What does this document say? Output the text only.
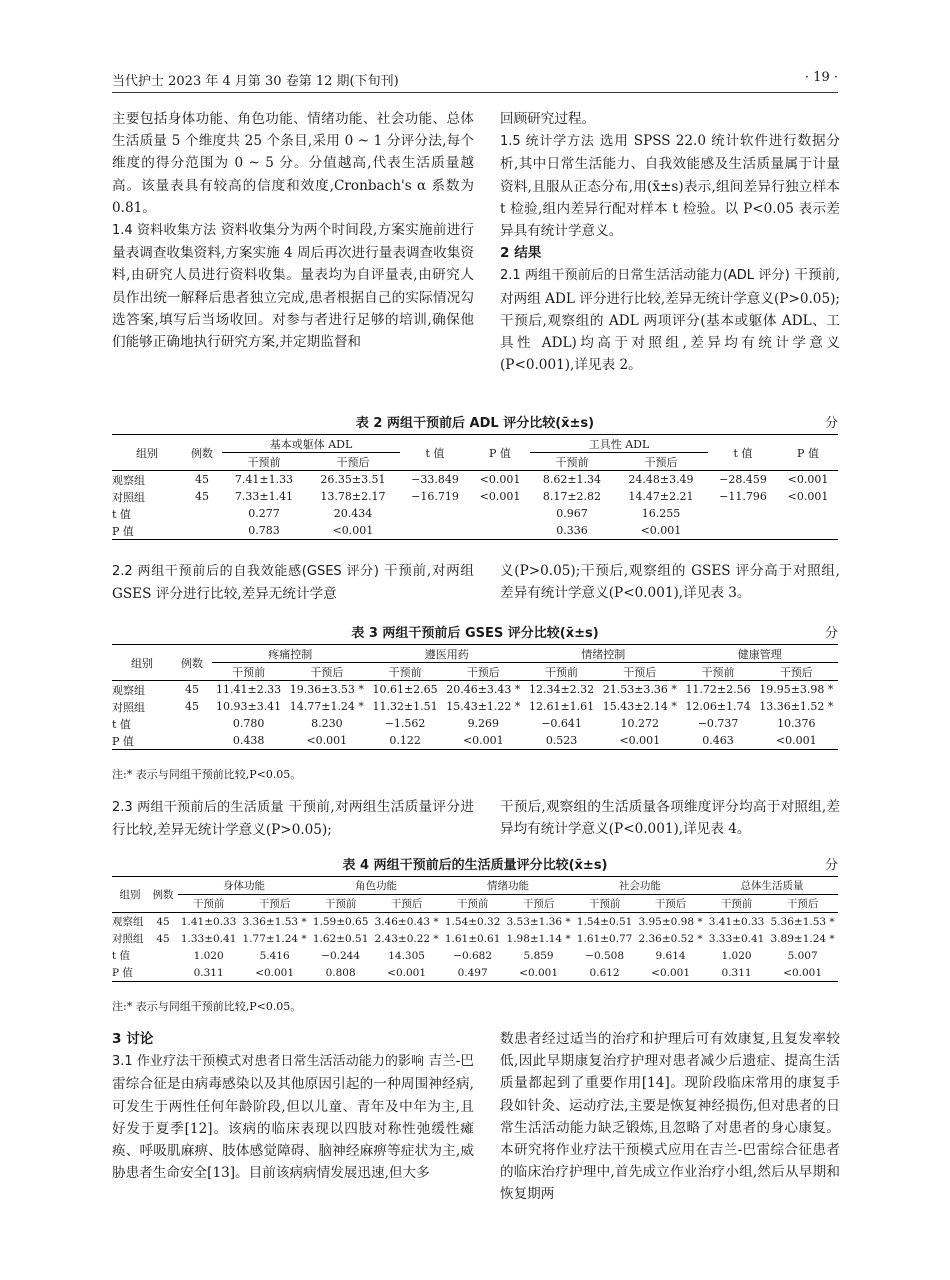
当代护士 2023 年 4 月第 30 卷第 12 期(下旬刊)	· 19 ·

主要包括身体功能、角色功能、情绪功能、社会功能、总体生活质量 5 个维度共 25 个条目,采用 0 ~ 1 分评分法,每个维度的得分范围为 0 ~ 5 分。分值越高,代表生活质量越高。该量表具有较高的信度和效度,Cronbach's α 系数为 0.81。

1.4 资料收集方法 资料收集分为两个时间段,方案实施前进行量表调查收集资料,方案实施 4 周后再次进行量表调查收集资料,由研究人员进行资料收集。量表均为自评量表,由研究人员作出统一解释后患者独立完成,患者根据自己的实际情况勾选答案,填写后当场收回。对参与者进行足够的培训,确保他们能够正确地执行研究方案,并定期监督和

回顾研究过程。

1.5 统计学方法 选用 SPSS 22.0 统计软件进行数据分析,其中日常生活能力、自我效能感及生活质量属于计量资料,且服从正态分布,用(x̄±s)表示,组间差异行独立样本 t 检验,组内差异行配对样本 t 检验。以 P<0.05 表示差异具有统计学意义。

2 结果

2.1 两组干预前后的日常生活活动能力(ADL 评分) 干预前,对两组 ADL 评分进行比较,差异无统计学意义(P>0.05);干预后,观察组的 ADL 两项评分(基本或躯体 ADL、工具性 ADL)均高于对照组,差异均有统计学意义(P<0.001),详见表 2。

表 2 两组干预前后 ADL 评分比较(x̄±s)	分
组别	例数	基本或躯体 ADL		t 值	P 值	工具性 ADL		t 值	P 值
		干预前	干预后			干预前	干预后		
观察组	45	7.41±1.33	26.35±3.51	−33.849	<0.001	8.62±1.34	24.48±3.49	−28.459	<0.001
对照组	45	7.33±1.41	13.78±2.17	−16.719	<0.001	8.17±2.82	14.47±2.21	−11.796	<0.001
t 值		0.277	20.434			0.967	16.255		
P 值		0.783	<0.001			0.336	<0.001		

2.2 两组干预前后的自我效能感(GSES 评分) 干预前,对两组 GSES 评分进行比较,差异无统计学意

义(P>0.05);干预后,观察组的 GSES 评分高于对照组,差异有统计学意义(P<0.001),详见表 3。

表 3 两组干预前后 GSES 评分比较(x̄±s)	分
组别	例数	疼痛控制		遵医用药		情绪控制		健康管理	
		干预前	干预后	干预前	干预后	干预前	干预后	干预前	干预后
观察组	45	11.41±2.33	19.36±3.53 *	10.61±2.65	20.46±3.43 *	12.34±2.32	21.53±3.36 *	11.72±2.56	19.95±3.98 *
对照组	45	10.93±3.41	14.77±1.24 *	11.32±1.51	15.43±1.22 *	12.61±1.61	15.43±2.14 *	12.06±1.74	13.36±1.52 *
t 值		0.780	8.230	−1.562	9.269	−0.641	10.272	−0.737	10.376
P 值		0.438	<0.001	0.122	<0.001	0.523	<0.001	0.463	<0.001
注:* 表示与同组干预前比较,P<0.05。

2.3 两组干预前后的生活质量 干预前,对两组生活质量评分进行比较,差异无统计学意义(P>0.05);

干预后,观察组的生活质量各项维度评分均高于对照组,差异均有统计学意义(P<0.001),详见表 4。

表 4 两组干预前后的生活质量评分比较(x̄±s)	分
组别	例数	身体功能		角色功能		情绪功能		社会功能		总体生活质量	
		干预前	干预后	干预前	干预后	干预前	干预后	干预前	干预后	干预前	干预后
观察组	45	1.41±0.33	3.36±1.53 *	1.59±0.65	3.46±0.43 *	1.54±0.32	3.53±1.36 *	1.54±0.51	3.95±0.98 *	3.41±0.33	5.36±1.53 *
对照组	45	1.33±0.41	1.77±1.24 *	1.62±0.51	2.43±0.22 *	1.61±0.61	1.98±1.14 *	1.61±0.77	2.36±0.52 *	3.33±0.41	3.89±1.24 *
t 值		1.020	5.416	−0.244	14.305	−0.682	5.859	−0.508	9.614	1.020	5.007
P 值		0.311	<0.001	0.808	<0.001	0.497	<0.001	0.612	<0.001	0.311	<0.001
注:* 表示与同组干预前比较,P<0.05。

3 讨论

3.1 作业疗法干预模式对患者日常生活活动能力的影响 吉兰-巴雷综合征是由病毒感染以及其他原因引起的一种周围神经病,可发生于两性任何年龄阶段,但以儿童、青年及中年为主,且好发于夏季[12]。该病的临床表现以四肢对称性弛缓性瘫痪、呼吸肌麻痹、肢体感觉障碍、脑神经麻痹等症状为主,威胁患者生命安全[13]。目前该病病情发展迅速,但大多

数患者经过适当的治疗和护理后可有效康复,且复发率较低,因此早期康复治疗护理对患者减少后遗症、提高生活质量都起到了重要作用[14]。现阶段临床常用的康复手段如针灸、运动疗法,主要是恢复神经损伤,但对患者的日常生活活动能力缺乏锻炼,且忽略了对患者的身心康复。本研究将作业疗法干预模式应用在吉兰-巴雷综合征患者的临床治疗护理中,首先成立作业治疗小组,然后从早期和恢复期两
